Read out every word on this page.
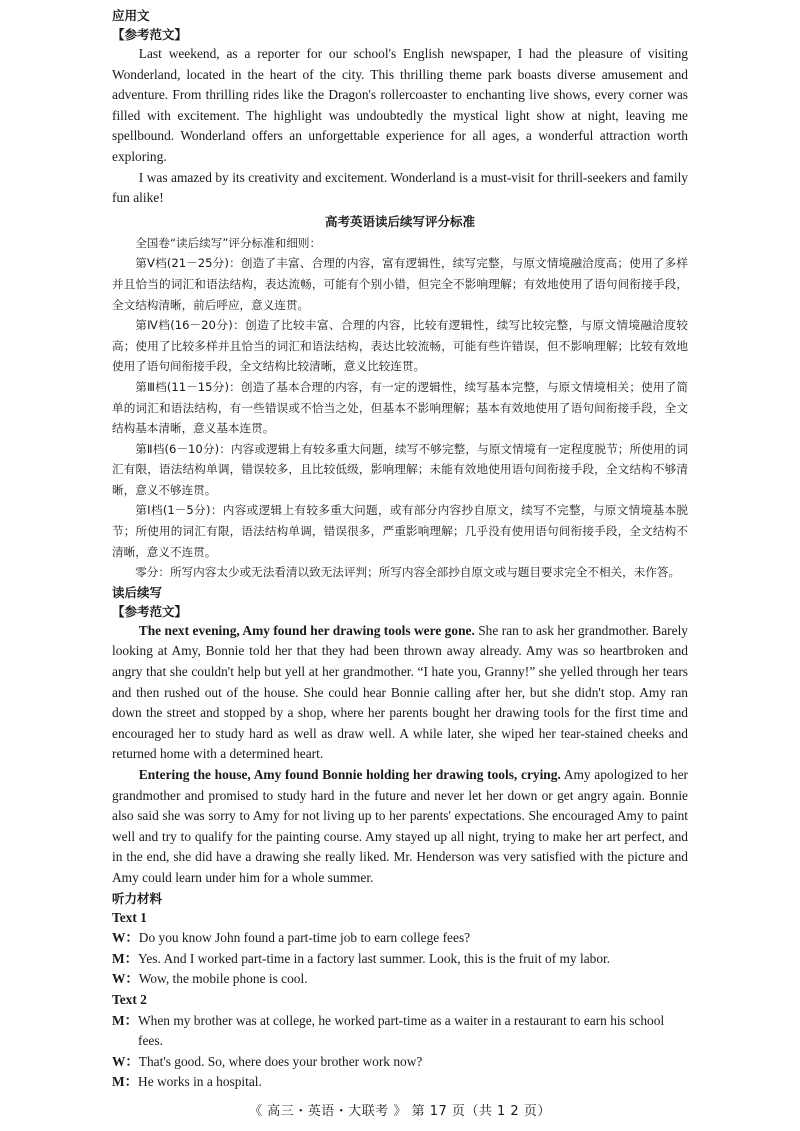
应用文
【参考范文】

Last weekend, as a reporter for our school's English newspaper, I had the pleasure of visiting Wonderland, located in the heart of the city. This thrilling theme park boasts diverse amusement and adventure. From thrilling rides like the Dragon's rollercoaster to enchanting live shows, every corner was filled with excitement. The highlight was undoubtedly the mystical light show at night, leaving me spellbound. Wonderland offers an unforgettable experience for all ages, a wonderful attraction worth exploring.

I was amazed by its creativity and excitement. Wonderland is a must-visit for thrill-seekers and family fun alike!

高考英语读后续写评分标准

全国卷“读后续写”评分标准和细则：

第Ⅴ档(21－25分)：创造了丰富、合理的内容，富有逻辑性，续写完整，与原文情境融洽度高；使用了多样并且恰当的词汇和语法结构，表达流畅，可能有个别小错，但完全不影响理解；有效地使用了语句间衔接手段，全文结构清晰，前后呼应，意义连贯。

第Ⅳ档(16－20分)：创造了比较丰富、合理的内容，比较有逻辑性，续写比较完整，与原文情境融洽度较高；使用了比较多样并且恰当的词汇和语法结构，表达比较流畅，可能有些许错误，但不影响理解；比较有效地使用了语句间衔接手段，全文结构比较清晰，意义比较连贯。

第Ⅲ档(11－15分)：创造了基本合理的内容，有一定的逻辑性，续写基本完整，与原文情境相关；使用了简单的词汇和语法结构，有一些错误或不恰当之处，但基本不影响理解；基本有效地使用了语句间衔接手段，全文结构基本清晰，意义基本连贯。

第Ⅱ档(6－10分)：内容或逻辑上有较多重大问题，续写不够完整，与原文情境有一定程度脱节；所使用的词汇有限，语法结构单调，错误较多，且比较低级，影响理解；未能有效地使用语句间衔接手段，全文结构不够清晰，意义不够连贯。

第Ⅰ档(1－5分)：内容或逻辑上有较多重大问题，或有部分内容抄自原文，续写不完整，与原文情境基本脱节；所使用的词汇有限，语法结构单调，错误很多，严重影响理解；几乎没有使用语句间衔接手段，全文结构不清晰，意义不连贯。

零分：所写内容太少或无法看清以致无法评判；所写内容全部抄自原文或与题目要求完全不相关，未作答。

读后续写
【参考范文】

The next evening, Amy found her drawing tools were gone. She ran to ask her grandmother. Barely looking at Amy, Bonnie told her that they had been thrown away already. Amy was so heartbroken and angry that she couldn't help but yell at her grandmother. “I hate you, Granny!” she yelled through her tears and then rushed out of the house. She could hear Bonnie calling after her, but she didn't stop. Amy ran down the street and stopped by a shop, where her parents bought her drawing tools for the first time and encouraged her to study hard as well as draw well. A while later, she wiped her tear-stained cheeks and returned home with a determined heart.

Entering the house, Amy found Bonnie holding her drawing tools, crying. Amy apologized to her grandmother and promised to study hard in the future and never let her down or get angry again. Bonnie also said she was sorry to Amy for not living up to her parents' expectations. She encouraged Amy to paint well and try to qualify for the painting course. Amy stayed up all night, trying to make her art perfect, and in the end, she did have a drawing she really liked. Mr. Henderson was very satisfied with the picture and Amy could learn under him for a whole summer.

听力材料
Text 1
W： Do you know John found a part-time job to earn college fees?
M： Yes. And I worked part-time in a factory last summer. Look, this is the fruit of my labor.
W： Wow, the mobile phone is cool.
Text 2
M： When my brother was at college, he worked part-time as a waiter in a restaurant to earn his school fees.
W： That's good. So, where does your brother work now?
M： He works in a hospital.
《 高三・英语・大联考 》 第 17 页（共 1 2 页）
